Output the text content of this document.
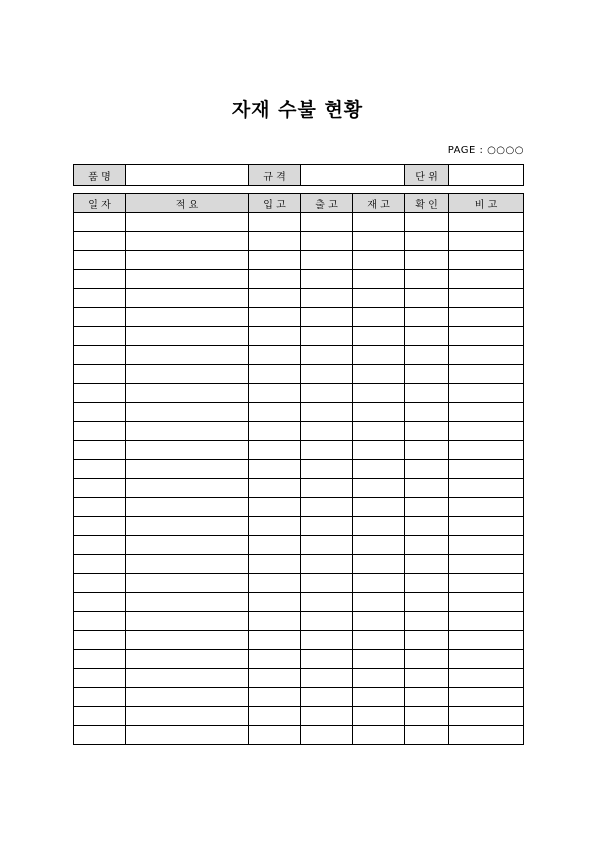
자재 수불 현황
PAGE : ○○○○
품 명		규 격		단 위	
일 자	적 요	입 고	출 고	재 고	확 인	비 고
